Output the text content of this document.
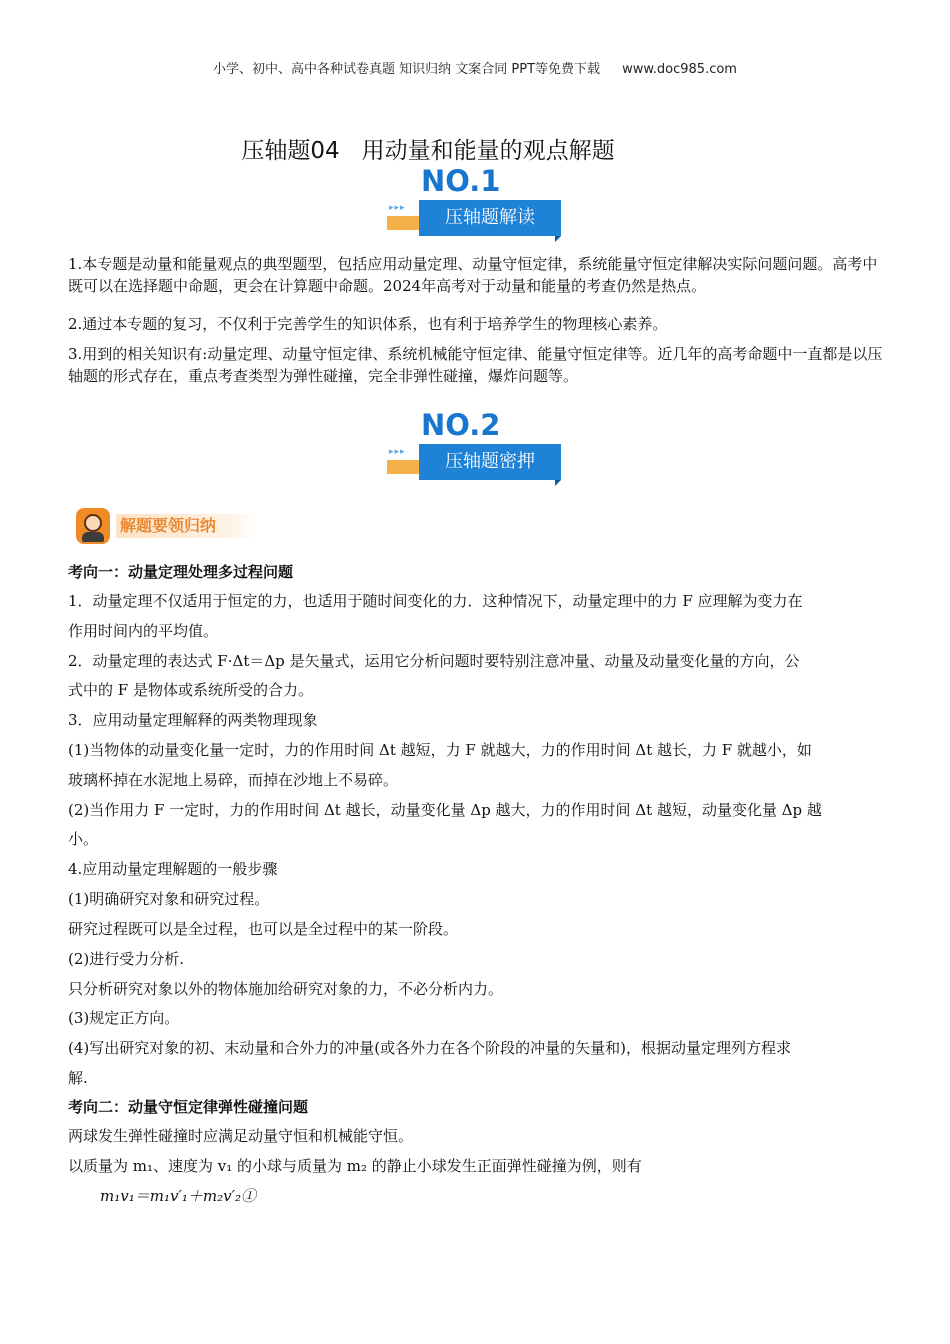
小学、初中、高中各种试卷真题 知识归纳 文案合同 PPT等免费下载 www.doc985.com
压轴题04 用动量和能量的观点解题
NO.1
▸▸▸	压轴题解读
1.本专题是动量和能量观点的典型题型，包括应用动量定理、动量守恒定律，系统能量守恒定律解决实际问题问题。高考中既可以在选择题中命题，更会在计算题中命题。2024年高考对于动量和能量的考查仍然是热点。
2.通过本专题的复习，不仅利于完善学生的知识体系，也有利于培养学生的物理核心素养。
3.用到的相关知识有:动量定理、动量守恒定律、系统机械能守恒定律、能量守恒定律等。近几年的高考命题中一直都是以压轴题的形式存在，重点考查类型为弹性碰撞，完全非弹性碰撞，爆炸问题等。
NO.2
▸▸▸	压轴题密押
解题要领归纳
考向一：动量定理处理多过程问题
1．动量定理不仅适用于恒定的力，也适用于随时间变化的力．这种情况下，动量定理中的力 F 应理解为变力在
作用时间内的平均值。
2．动量定理的表达式 F·Δt＝Δp 是矢量式，运用它分析问题时要特别注意冲量、动量及动量变化量的方向，公
式中的 F 是物体或系统所受的合力。
3．应用动量定理解释的两类物理现象
(1)当物体的动量变化量一定时，力的作用时间 Δt 越短，力 F 就越大，力的作用时间 Δt 越长，力 F 就越小，如
玻璃杯掉在水泥地上易碎，而掉在沙地上不易碎。
(2)当作用力 F 一定时，力的作用时间 Δt 越长，动量变化量 Δp 越大，力的作用时间 Δt 越短，动量变化量 Δp 越
小。
4.应用动量定理解题的一般步骤
(1)明确研究对象和研究过程。
研究过程既可以是全过程，也可以是全过程中的某一阶段。
(2)进行受力分析.
只分析研究对象以外的物体施加给研究对象的力，不必分析内力。
(3)规定正方向。
(4)写出研究对象的初、末动量和合外力的冲量(或各外力在各个阶段的冲量的矢量和)，根据动量定理列方程求
解.
考向二：动量守恒定律弹性碰撞问题
两球发生弹性碰撞时应满足动量守恒和机械能守恒。
以质量为 m₁、速度为 v₁ 的小球与质量为 m₂ 的静止小球发生正面弹性碰撞为例，则有
m₁v₁＝m₁v′₁＋m₂v′₂①
